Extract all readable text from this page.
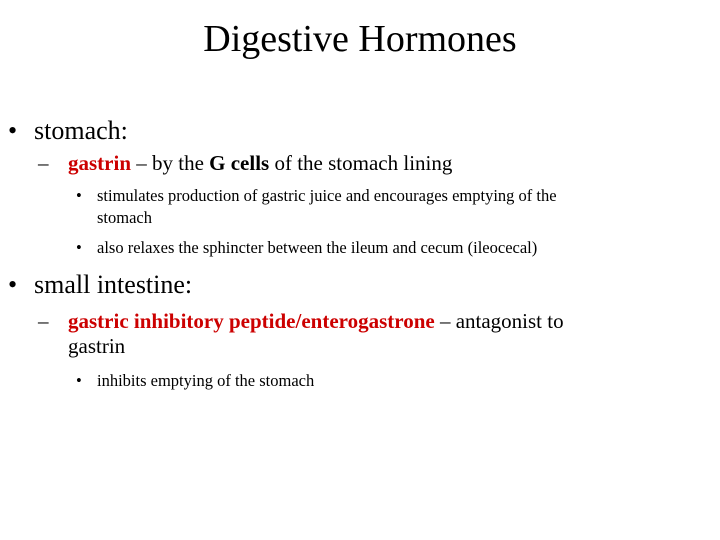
Digestive Hormones
• stomach:
– gastrin – by the G cells of the stomach lining
• stimulates production of gastric juice and encourages emptying of the
stomach
• also relaxes the sphincter between the ileum and cecum (ileocecal)
• small intestine:
– gastric inhibitory peptide/enterogastrone – antagonist to
gastrin
• inhibits emptying of the stomach
